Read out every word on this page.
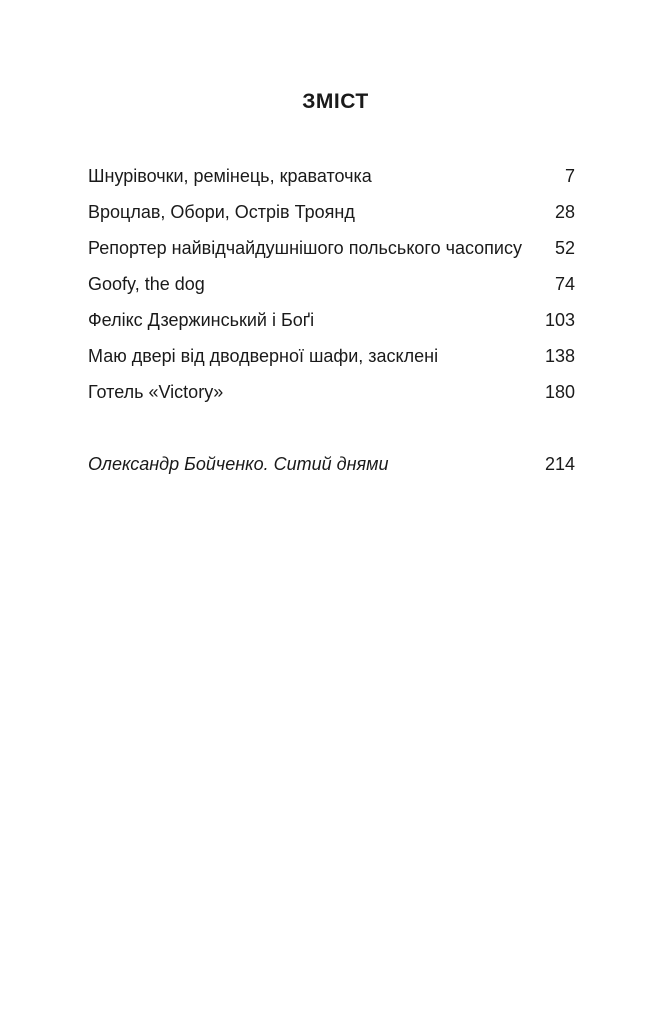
ЗМІСТ
Шнурівочки, ремінець, краваточка	7
Вроцлав, Обори, Острів Троянд	28
Репортер найвідчайдушнішого польського часопису 52
Goofy, the dog	74
Фелікс Дзержинський і Боґі	103
Маю двері від дводверної шафи, засклені	138
Готель «Victory»	180
Олександр Бойченко. Ситий днями	214
